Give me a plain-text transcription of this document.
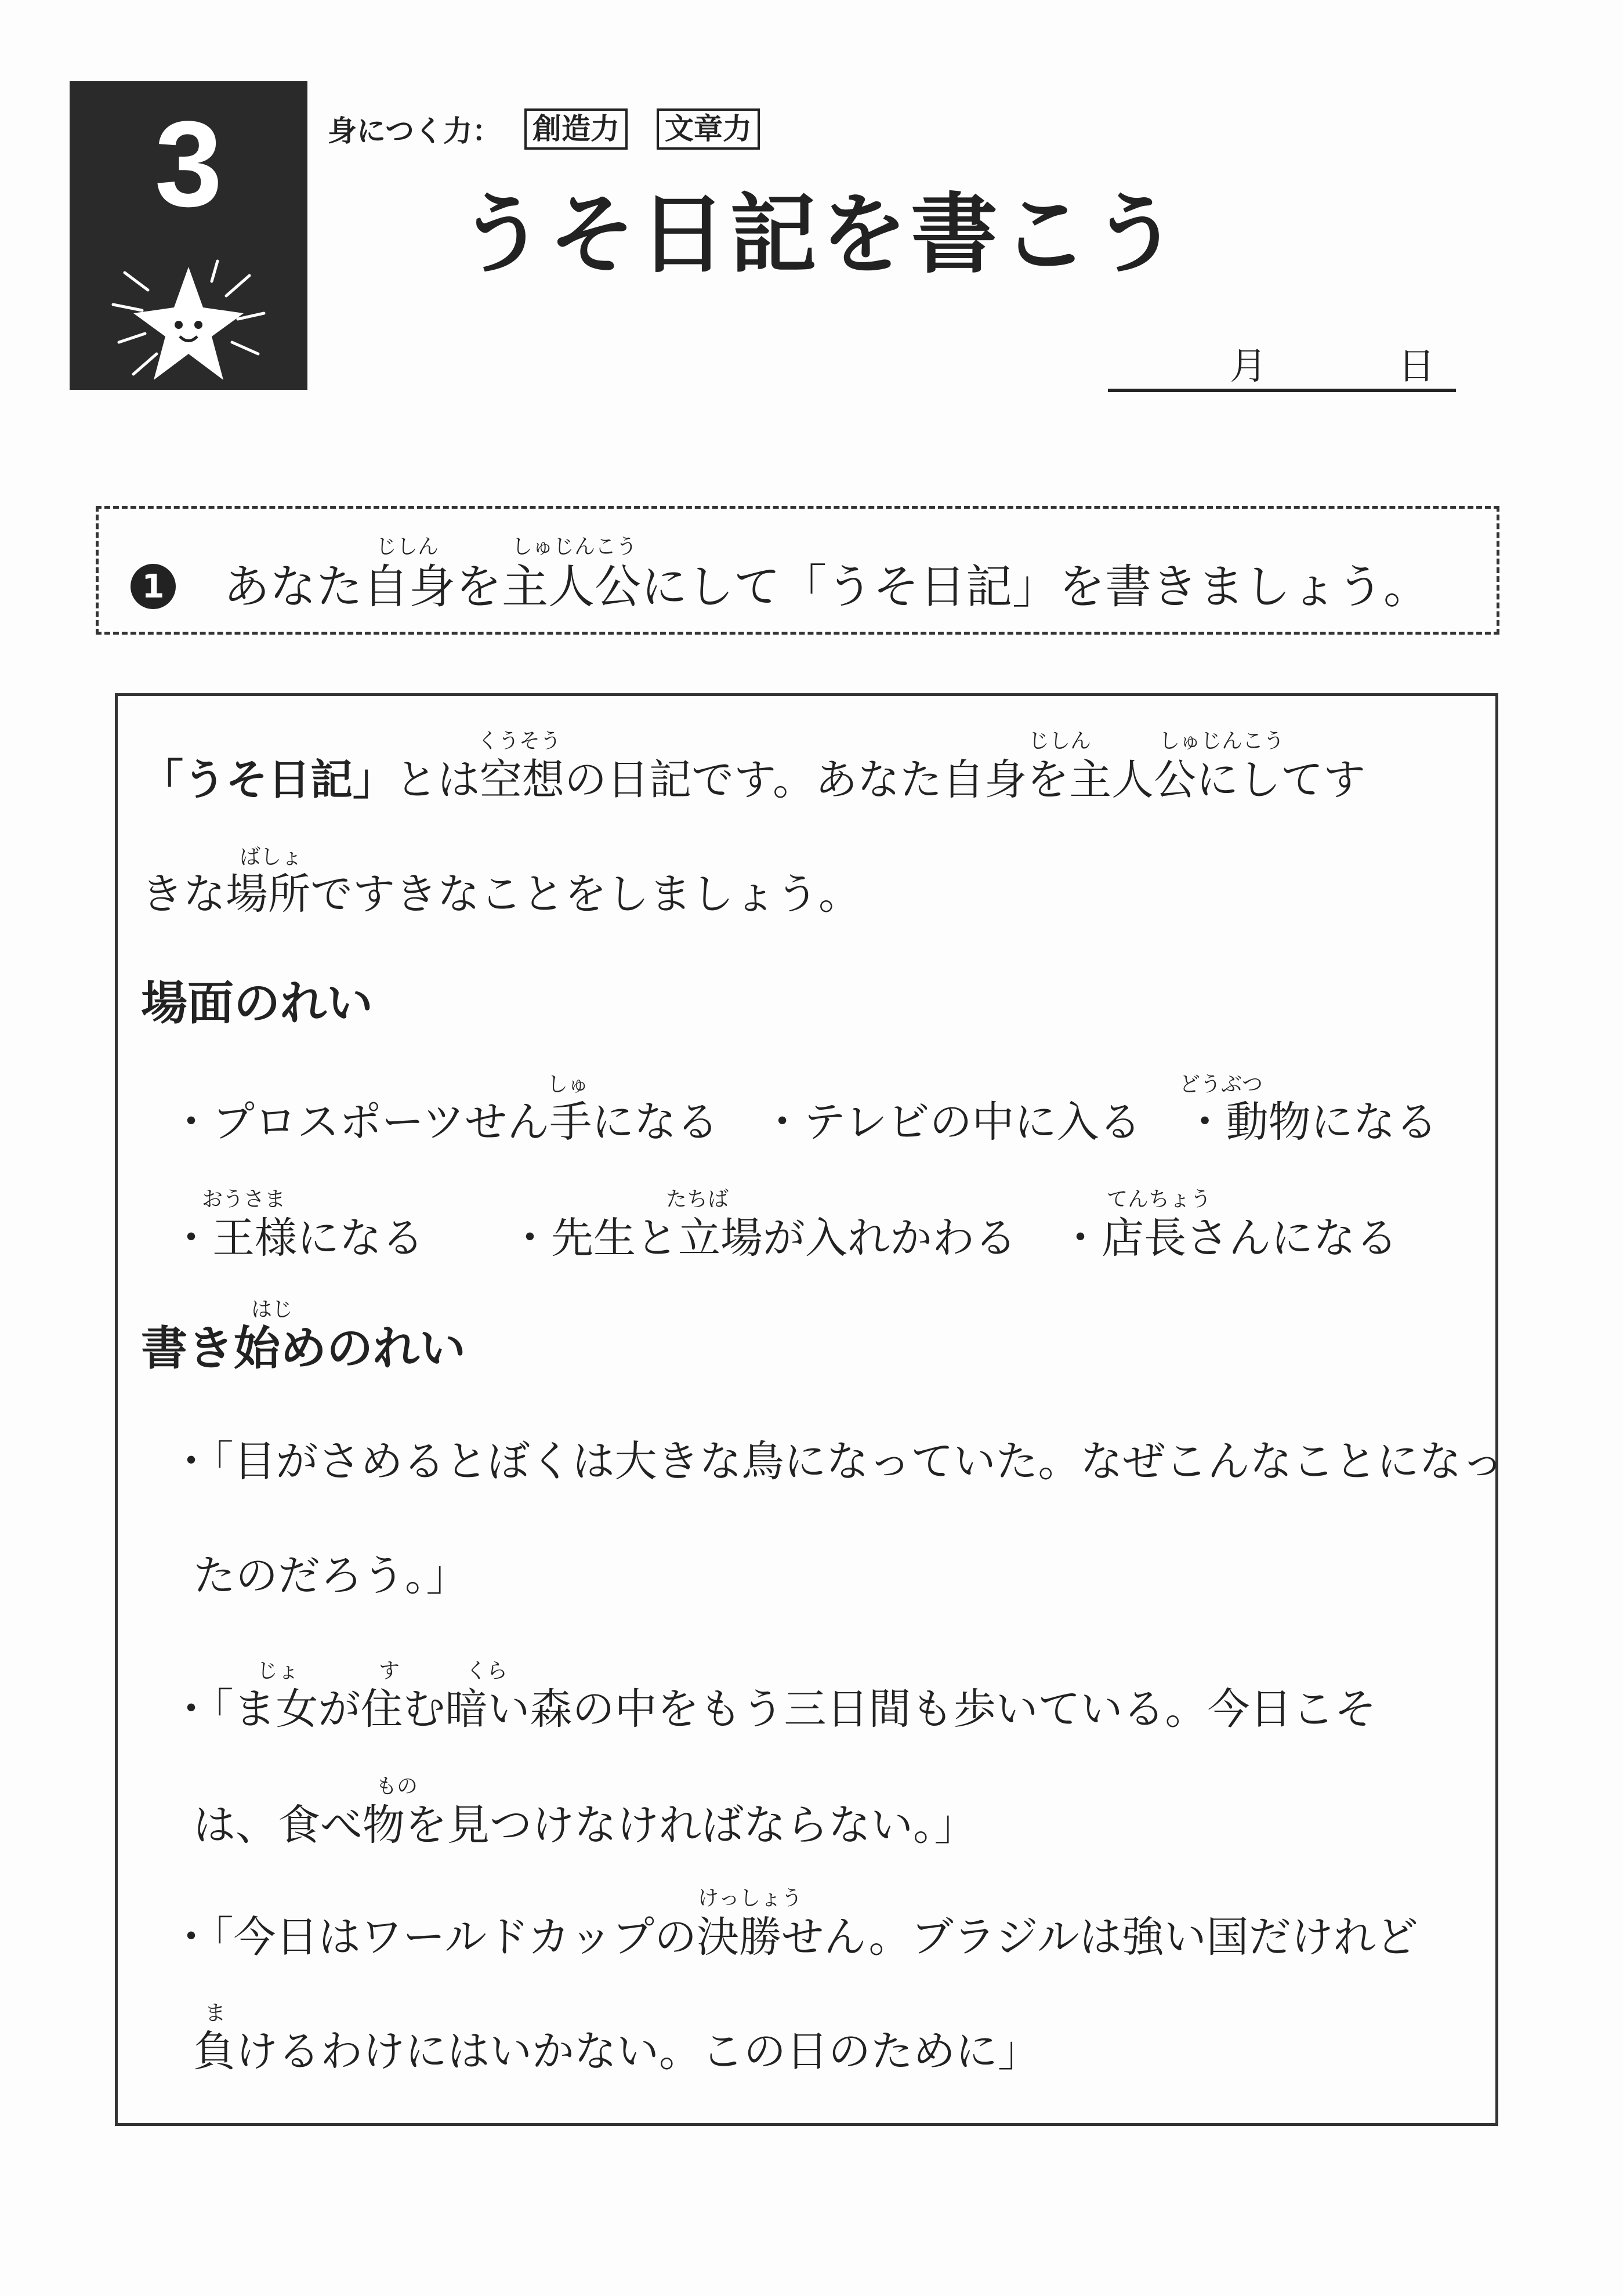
3	身につく力： 創造力 文章力
うそ日記を書こう
月	日
1
じしん	しゅじんこう
あなた自身を主人公にして「うそ日記」を書きましょう。
くうそう	じしん	しゅじんこう
「うそ日記」とは空想の日記です。あなた自身を主人公にしてす
ばしょ
きな場所ですきなことをしましょう。
場面のれい
しゅ	どうぶつ
・プロスポーツせん手になる　・テレビの中に入る　・動物になる
おうさま	たちば	てんちょう
・王様になる　　・先生と立場が入れかわる　・店長さんになる
はじ
書き始めのれい
・「目がさめるとぼくは大きな鳥になっていた。なぜこんなことになっ
たのだろう。」
じょ	す	くら
・「ま女が住む暗い森の中をもう三日間も歩いている。今日こそ
もの
は、食べ物を見つけなければならない。」
けっしょう
・「今日はワールドカップの決勝せん。ブラジルは強い国だけれど
ま
負けるわけにはいかない。この日のために」
